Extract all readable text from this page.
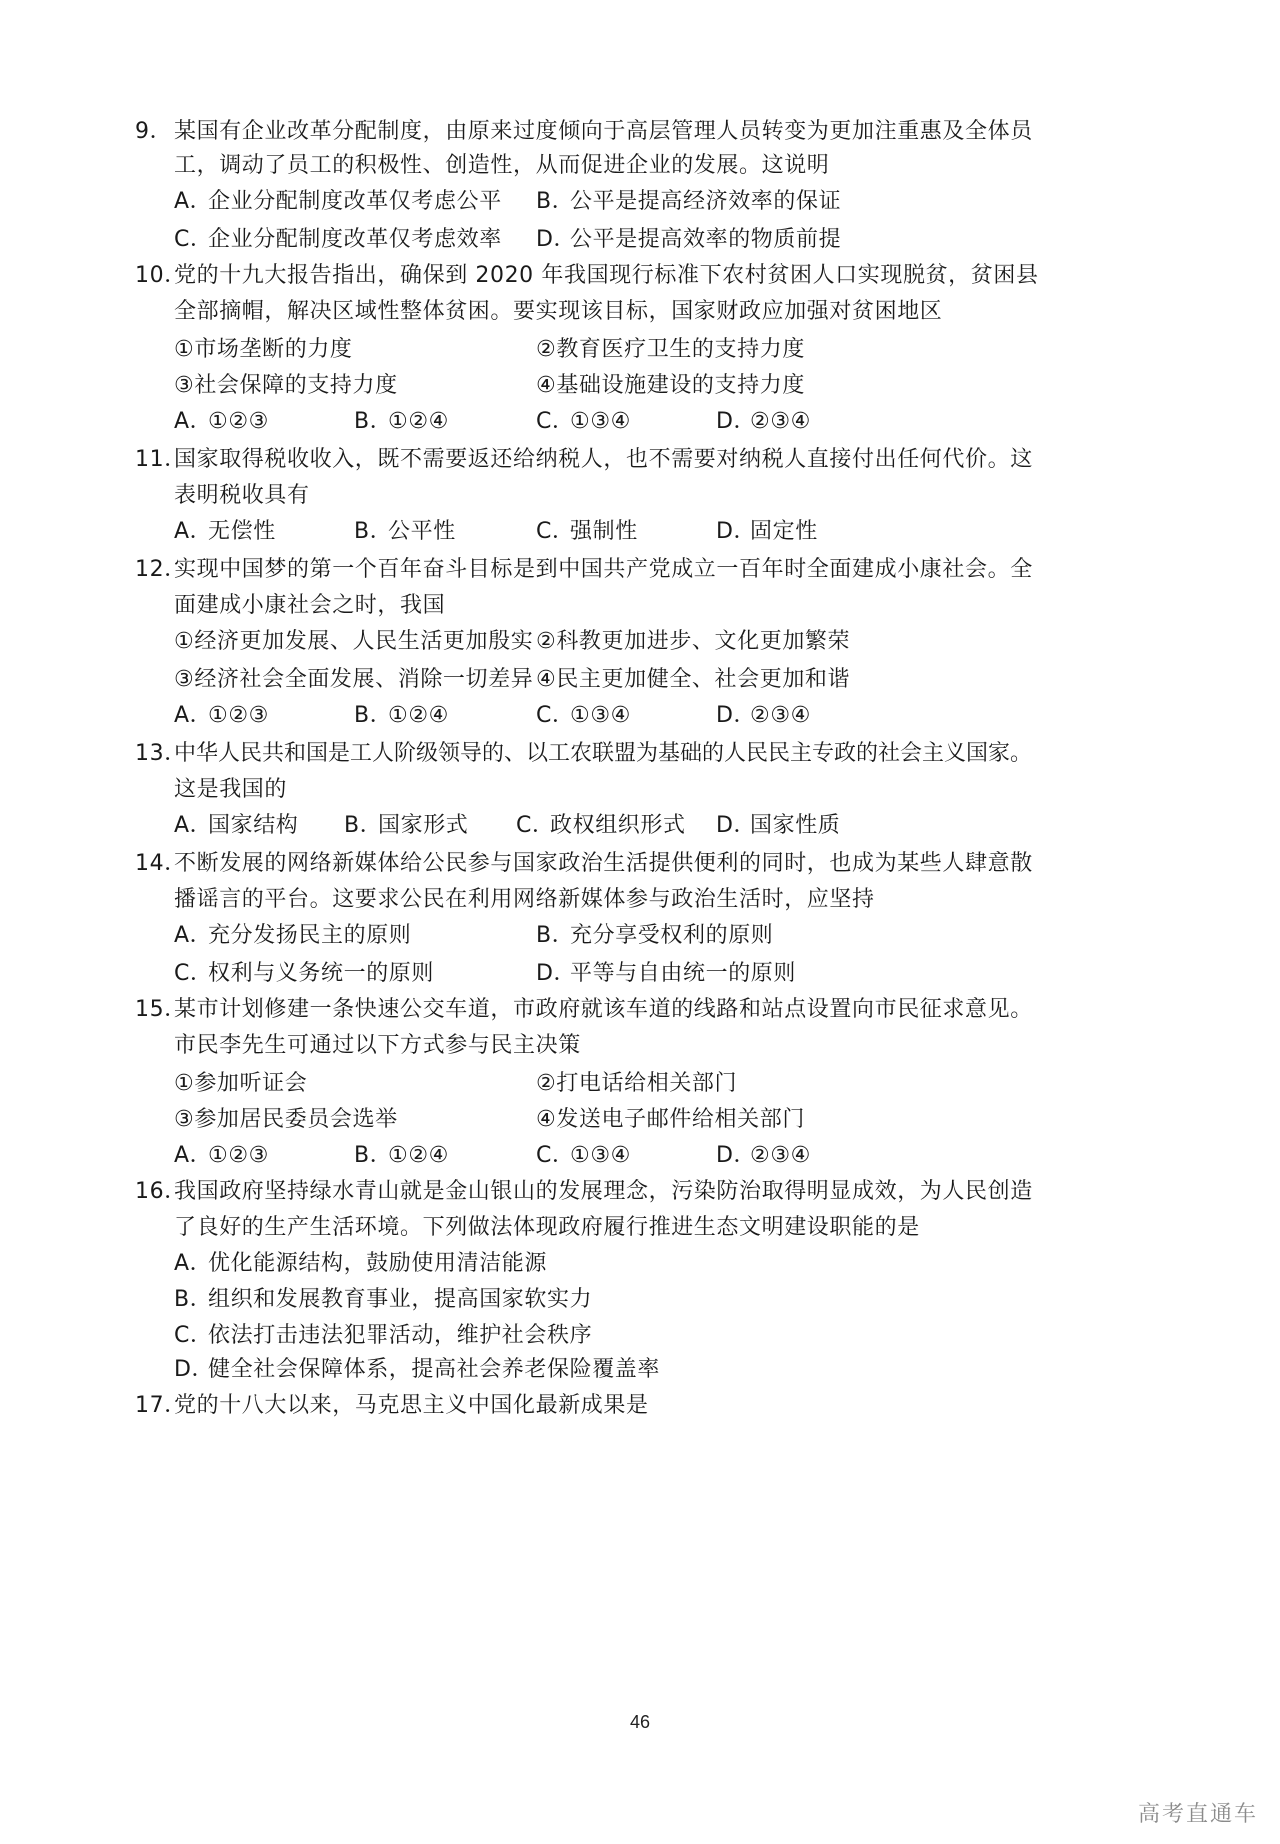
9． 某国有企业改革分配制度，由原来过度倾向于高层管理人员转变为更加注重惠及全体员
工，调动了员工的积极性、创造性，从而促进企业的发展。这说明
A．企业分配制度改革仅考虑公平 B．公平是提高经济效率的保证
C．企业分配制度改革仅考虑效率 D．公平是提高效率的物质前提
10．
党的十九大报告指出，确保到 2020 年我国现行标准下农村贫困人口实现脱贫，贫困县
全部摘帽，解决区域性整体贫困。要实现该目标，国家财政应加强对贫困地区
①市场垄断的力度	②教育医疗卫生的支持力度
③社会保障的支持力度	④基础设施建设的支持力度
A．①②③	B．①②④	C．①③④	D．②③④
11．
国家取得税收收入，既不需要返还给纳税人，也不需要对纳税人直接付出任何代价。这
表明税收具有
A．无偿性	B．公平性	C．强制性	D．固定性
12．
实现中国梦的第一个百年奋斗目标是到中国共产党成立一百年时全面建成小康社会。全
面建成小康社会之时，我国
①经济更加发展、人民生活更加殷实 ②科教更加进步、文化更加繁荣
③经济社会全面发展、消除一切差异 ④民主更加健全、社会更加和谐
A．①②③	B．①②④	C．①③④	D．②③④
13．
中华人民共和国是工人阶级领导的、以工农联盟为基础的人民民主专政的社会主义国家。
这是我国的
A．国家结构 B．国家形式 C．政权组织形式 D．国家性质
14．
不断发展的网络新媒体给公民参与国家政治生活提供便利的同时，也成为某些人肆意散
播谣言的平台。这要求公民在利用网络新媒体参与政治生活时，应坚持
A．充分发扬民主的原则	B．充分享受权利的原则
C．权利与义务统一的原则	D．平等与自由统一的原则
15．
某市计划修建一条快速公交车道，市政府就该车道的线路和站点设置向市民征求意见。
市民李先生可通过以下方式参与民主决策
①参加听证会	②打电话给相关部门
③参加居民委员会选举	④发送电子邮件给相关部门
A．①②③	B．①②④	C．①③④	D．②③④
16．
我国政府坚持绿水青山就是金山银山的发展理念，污染防治取得明显成效，为人民创造
了良好的生产生活环境。下列做法体现政府履行推进生态文明建设职能的是
A．优化能源结构，鼓励使用清洁能源
B．组织和发展教育事业，提高国家软实力
C．依法打击违法犯罪活动，维护社会秩序
D．健全社会保障体系，提高社会养老保险覆盖率
17．
党的十八大以来，马克思主义中国化最新成果是
46
高考直通车
